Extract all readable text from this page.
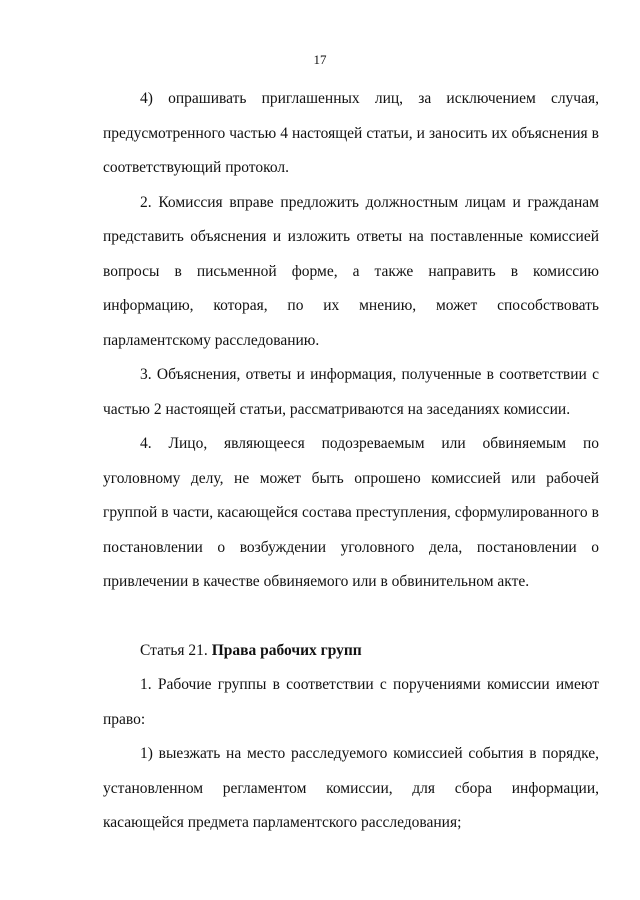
17

4) опрашивать приглашенных лиц, за исключением случая, предусмотренного частью 4 настоящей статьи, и заносить их объяснения в соответствующий протокол.

2. Комиссия вправе предложить должностным лицам и гражданам представить объяснения и изложить ответы на поставленные комиссией вопросы в письменной форме, а также направить в комиссию информацию, которая, по их мнению, может способствовать парламентскому расследованию.

3. Объяснения, ответы и информация, полученные в соответствии с частью 2 настоящей статьи, рассматриваются на заседаниях комиссии.

4. Лицо, являющееся подозреваемым или обвиняемым по уголовному делу, не может быть опрошено комиссией или рабочей группой в части, касающейся состава преступления, сформулированного в постановлении о возбуждении уголовного дела, постановлении о привлечении в качестве обвиняемого или в обвинительном акте.

Статья 21. Права рабочих групп

1. Рабочие группы в соответствии с поручениями комиссии имеют право:

1) выезжать на место расследуемого комиссией события в порядке, установленном регламентом комиссии, для сбора информации, касающейся предмета парламентского расследования;
